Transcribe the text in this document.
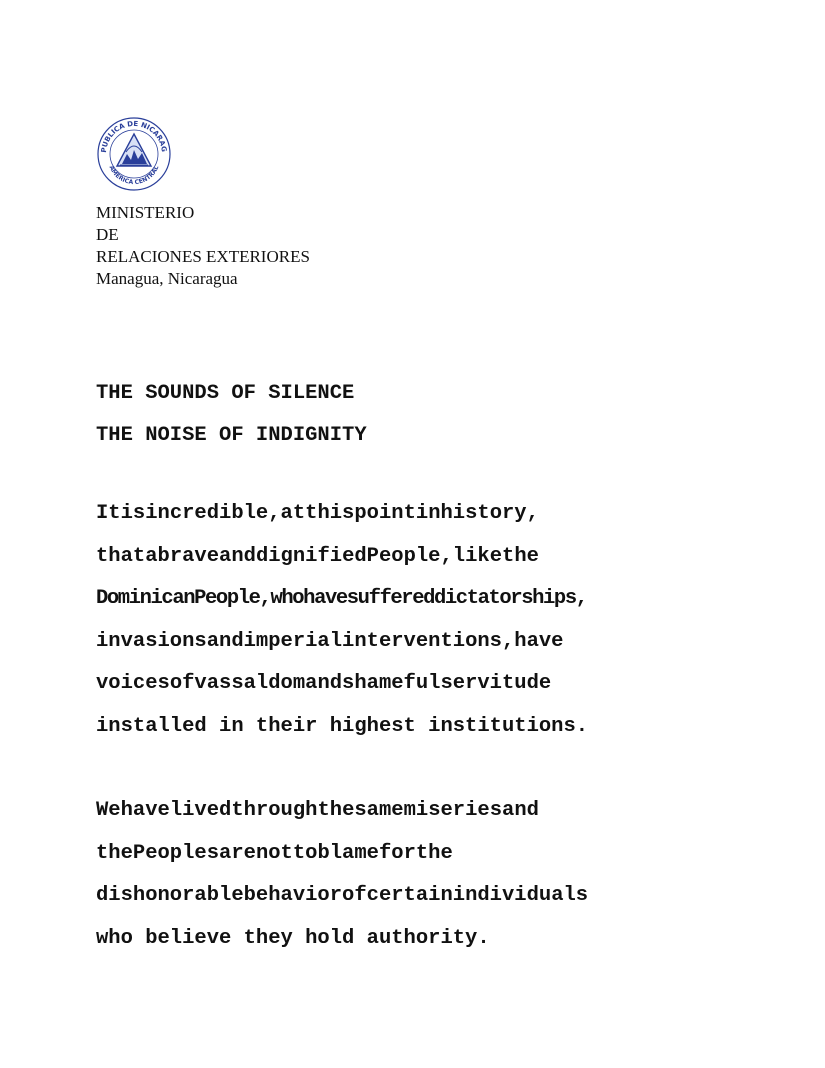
PUBLICA DE NICARAG
AMERICA CENTRAL
MINISTERIO
DE
RELACIONES EXTERIORES
Managua, Nicaragua
THE SOUNDS OF SILENCE
THE NOISE OF INDIGNITY
Itisincredible,atthispointinhistory,
thatabraveanddignifiedPeople,likethe
DominicanPeople,whohavesuffereddictatorships,
invasionsandimperialinterventions,have
voicesofvassaldomandshamefulservitude
installed in their highest institutions.
Wehavelivedthroughthesamemiseriesand
thePeoplesarenottoblameforthe
dishonorablebehaviorofcertainindividuals
who believe they hold authority.
